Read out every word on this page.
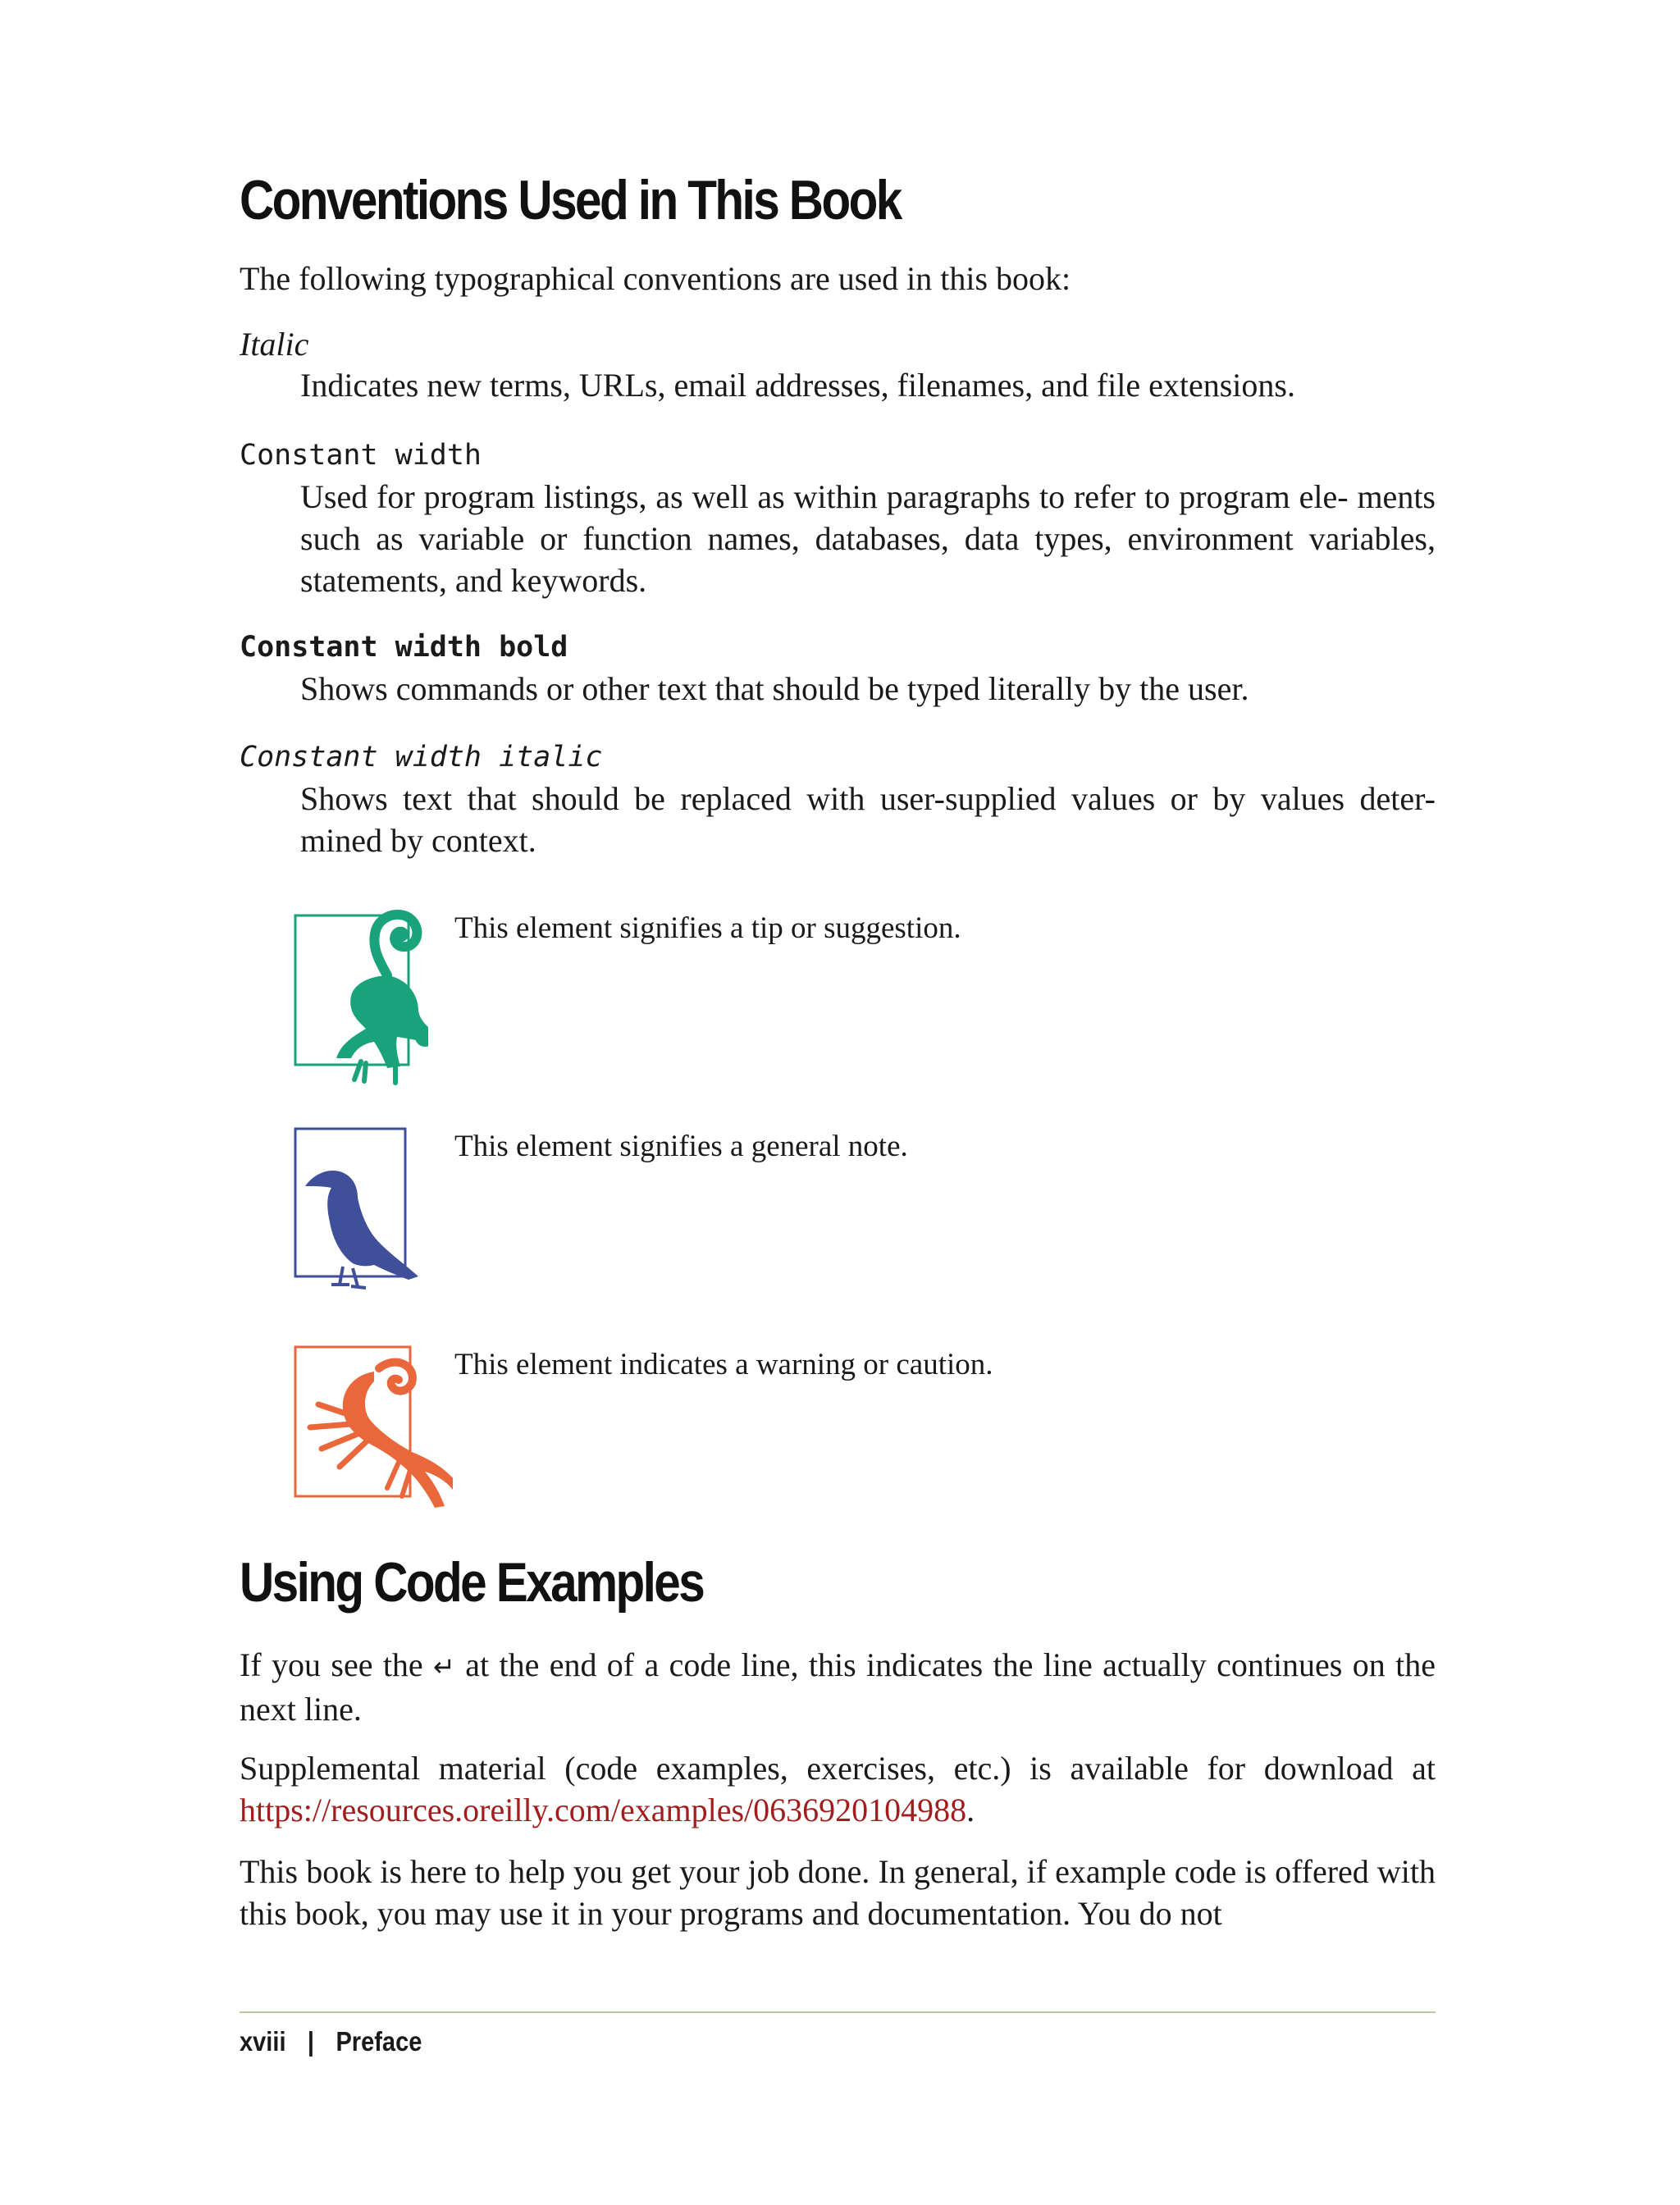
Conventions Used in This Book

The following typographical conventions are used in this book:

Italic

Indicates new terms, URLs, email addresses, filenames, and file extensions.

Constant width

Used for program listings, as well as within paragraphs to refer to program ele- ments such as variable or function names, databases, data types, environment variables, statements, and keywords.

Constant width bold

Shows commands or other text that should be typed literally by the user.

Constant width italic

Shows text that should be replaced with user-supplied values or by values deter- mined by context.

This element signifies a tip or suggestion.
This element signifies a general note.
This element indicates a warning or caution.
Using Code Examples

If you see the ↵ at the end of a code line, this indicates the line actually continues on the next line.

Supplemental material (code examples, exercises, etc.) is available for download at https://resources.oreilly.com/examples/0636920104988.

This book is here to help you get your job done. In general, if example code is offered with this book, you may use it in your programs and documentation. You do not

xviii | Preface
